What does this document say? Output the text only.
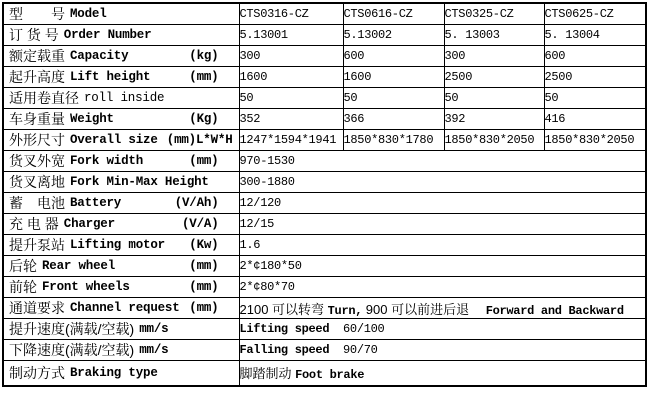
型　　号 Model	CTS0316-CZ	CTS0616-CZ	CTS0325-CZ	CTS0625-CZ

订 货 号 Order Number	5.13001	5.13002	5. 13003	5. 13004

额定载重 Capacity (kg)	300	600	300	600

起升高度 Lift height (mm)	1600	1600	2500	2500

适用卷直径 roll inside	50	50	50	50

车身重量 Weight (Kg)	352	366	392	416

外形尺寸 Overall size (mm)L*W*H	1247*1594*1941	1850*830*1780	1850*830*2050	1850*830*2050

货叉外宽 Fork width (mm)	970-1530			

货叉离地 Fork Min-Max Height	300-1880			

蓄　电池 Battery (V/Ah)	12/120			

充 电 器 Charger (V/A)	12/15			

提升泵站 Lifting motor (Kw)	1.6			

后轮 Rear wheel (mm)	2*¢180*50			

前轮 Front wheels (mm)	2*¢80*70			

通道要求 Channel request (mm)	2100 可以转弯 Turn, 900 可以前进后退　 Forward and Backward			

提升速度(满载/空载) mm/s	Lifting speed  60/100			

下降速度(满载/空载) mm/s	Falling speed  90/70			

制动方式 Braking type	脚踏制动 Foot brake			
